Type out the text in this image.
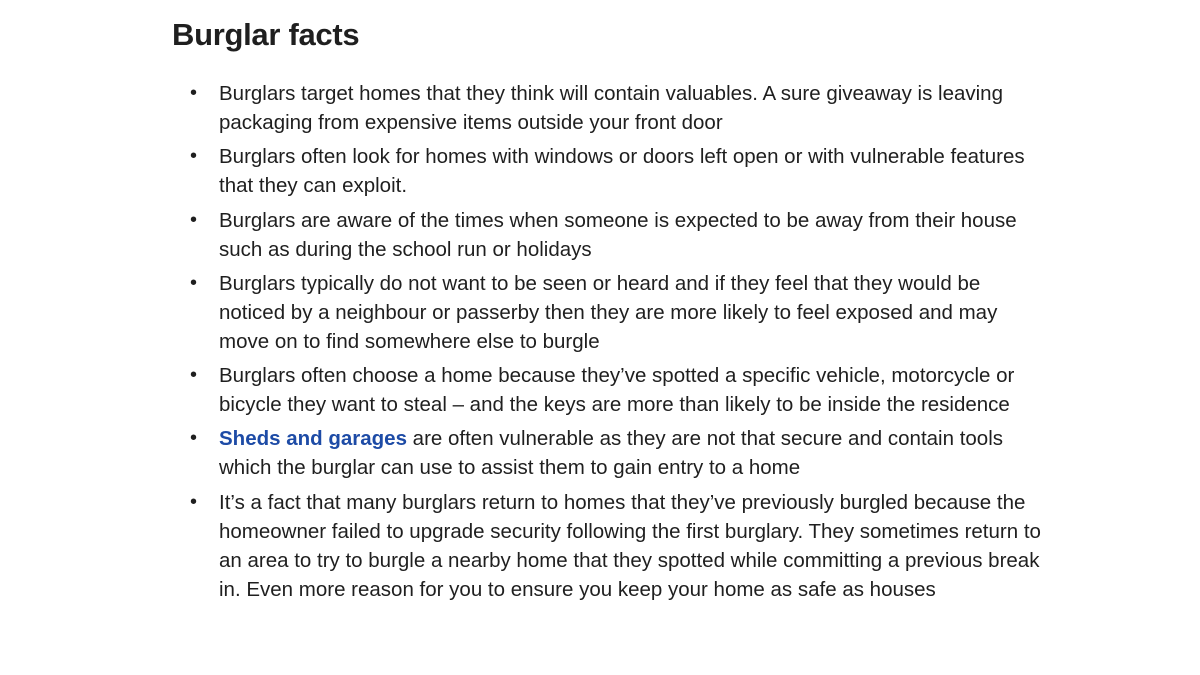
Burglar facts
• Burglars target homes that they think will contain valuables. A sure giveaway is leaving packaging from expensive items outside your front door
• Burglars often look for homes with windows or doors left open or with vulnerable features that they can exploit.
• Burglars are aware of the times when someone is expected to be away from their house such as during the school run or holidays
• Burglars typically do not want to be seen or heard and if they feel that they would be noticed by a neighbour or passerby then they are more likely to feel exposed and may move on to find somewhere else to burgle
• Burglars often choose a home because they’ve spotted a specific vehicle, motorcycle or bicycle they want to steal – and the keys are more than likely to be inside the residence
• Sheds and garages are often vulnerable as they are not that secure and contain tools which the burglar can use to assist them to gain entry to a home
• It’s a fact that many burglars return to homes that they’ve previously burgled because the homeowner failed to upgrade security following the first burglary. They sometimes return to an area to try to burgle a nearby home that they spotted while committing a previous break in. Even more reason for you to ensure you keep your home as safe as houses
